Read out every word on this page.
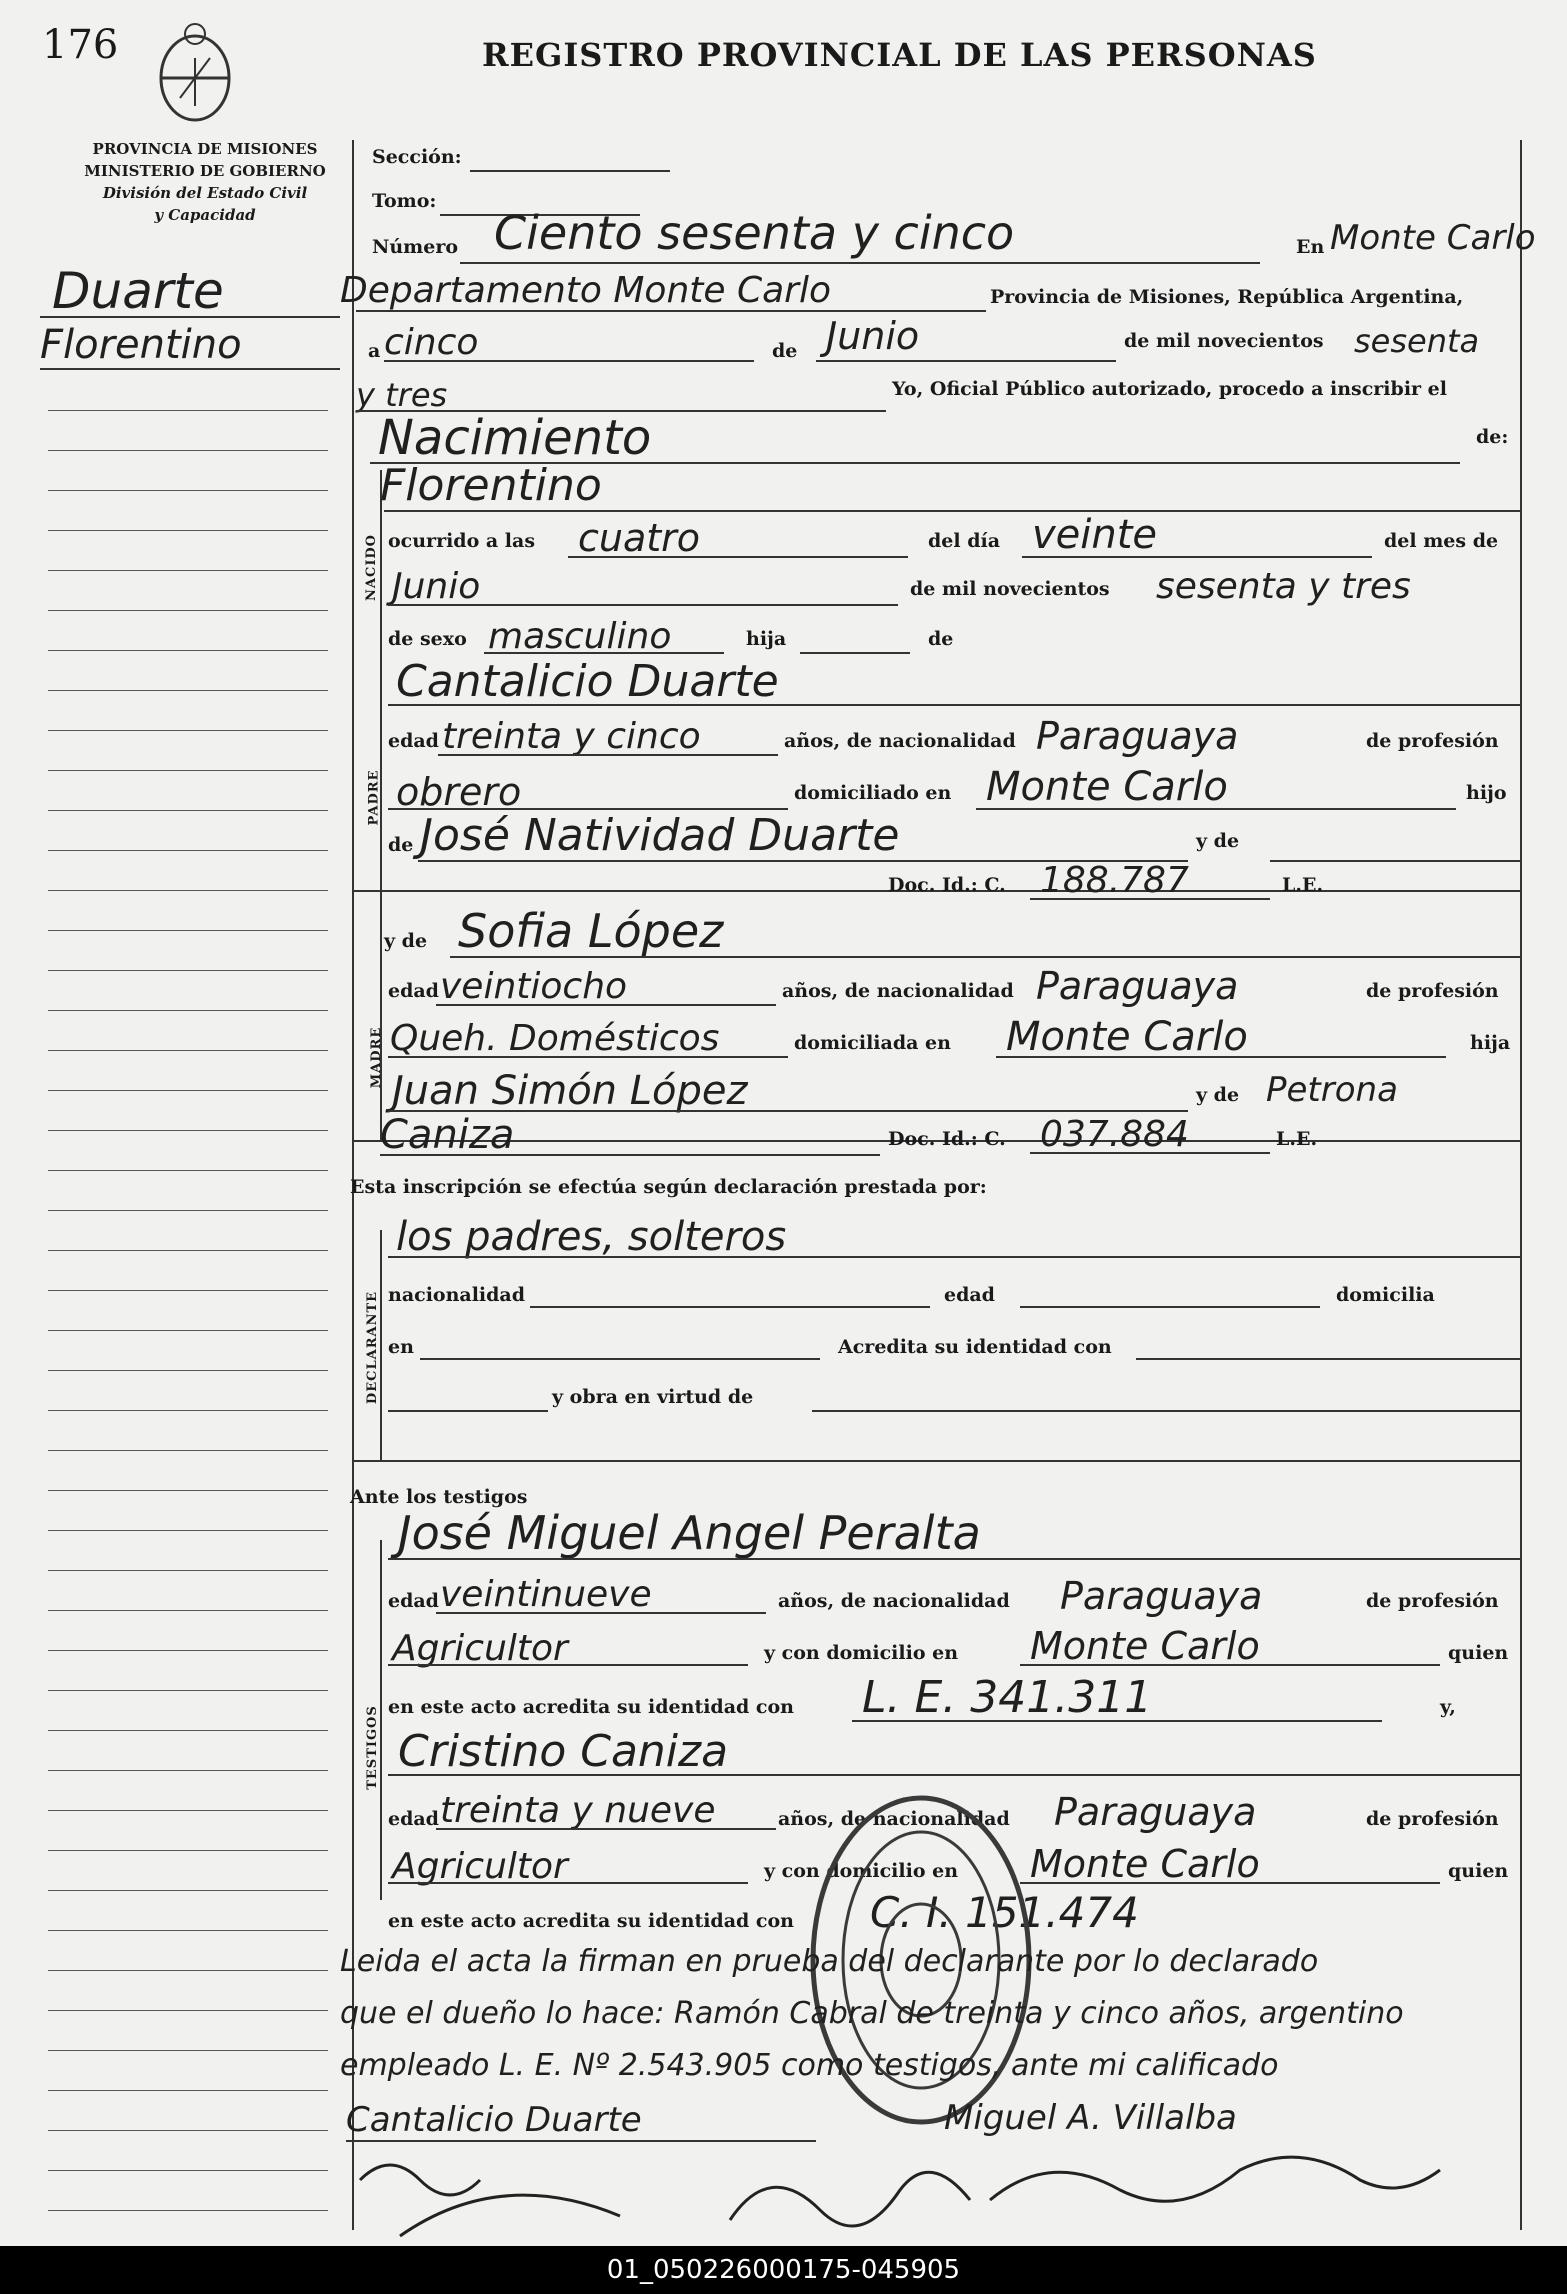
176	REGISTRO PROVINCIAL DE LAS PERSONAS
PROVINCIA DE MISIONES
MINISTERIO DE GOBIERNO
División del Estado Civil
y Capacidad
Duarte
Florentino
NACIDO
PADRE
MADRE
DECLARANTE
TESTIGOS
Sección:
Tomo:
Número Ciento sesenta y cinco	En Monte Carlo
Departamento Monte Carlo	Provincia de Misiones, República Argentina,
a cinco	de Junio	de mil novecientos sesenta
y tres	Yo, Oficial Público autorizado, procedo a inscribir el
Nacimiento	de:
Florentino
ocurrido a las cuatro	del día veinte	del mes de
Junio	de mil novecientos sesenta y tres
de sexo masculino	hija	de
Cantalicio Duarte
edad treinta y cinco	años, de nacionalidad Paraguaya	de profesión
obrero	domiciliado en Monte Carlo	hijo
de José Natividad Duarte	y de
Doc. Id.: C. 188.787	L.E.
y de Sofia López
edad veintiocho	años, de nacionalidad Paraguaya	de profesión
Queh. Domésticos	domiciliada en Monte Carlo	hija
Juan Simón López	y de Petrona
Caniza	Doc. Id.: C. 037.884	L.E.
Esta inscripción se efectúa según declaración prestada por:
los padres, solteros
nacionalidad	edad	domicilia
en	Acredita su identidad con
y obra en virtud de
Ante los testigos
José Miguel Angel Peralta
edad veintinueve	años, de nacionalidad Paraguaya	de profesión
Agricultor	y con domicilio en Monte Carlo	quien
en este acto acredita su identidad con L. E. 341.311	y,
Cristino Caniza
edad treinta y nueve	años, de nacionalidad Paraguaya	de profesión
Agricultor	y con domicilio en Monte Carlo	quien
en este acto acredita su identidad con C. I. 151.474
Leida el acta la firman en prueba del declarante por lo declarado
que el dueño lo hace: Ramón Cabral de treinta y cinco años, argentino
empleado L. E. Nº 2.543.905 como testigos, ante mi calificado
Cantalicio Duarte	Miguel A. Villalba
01_050226000175-045905
